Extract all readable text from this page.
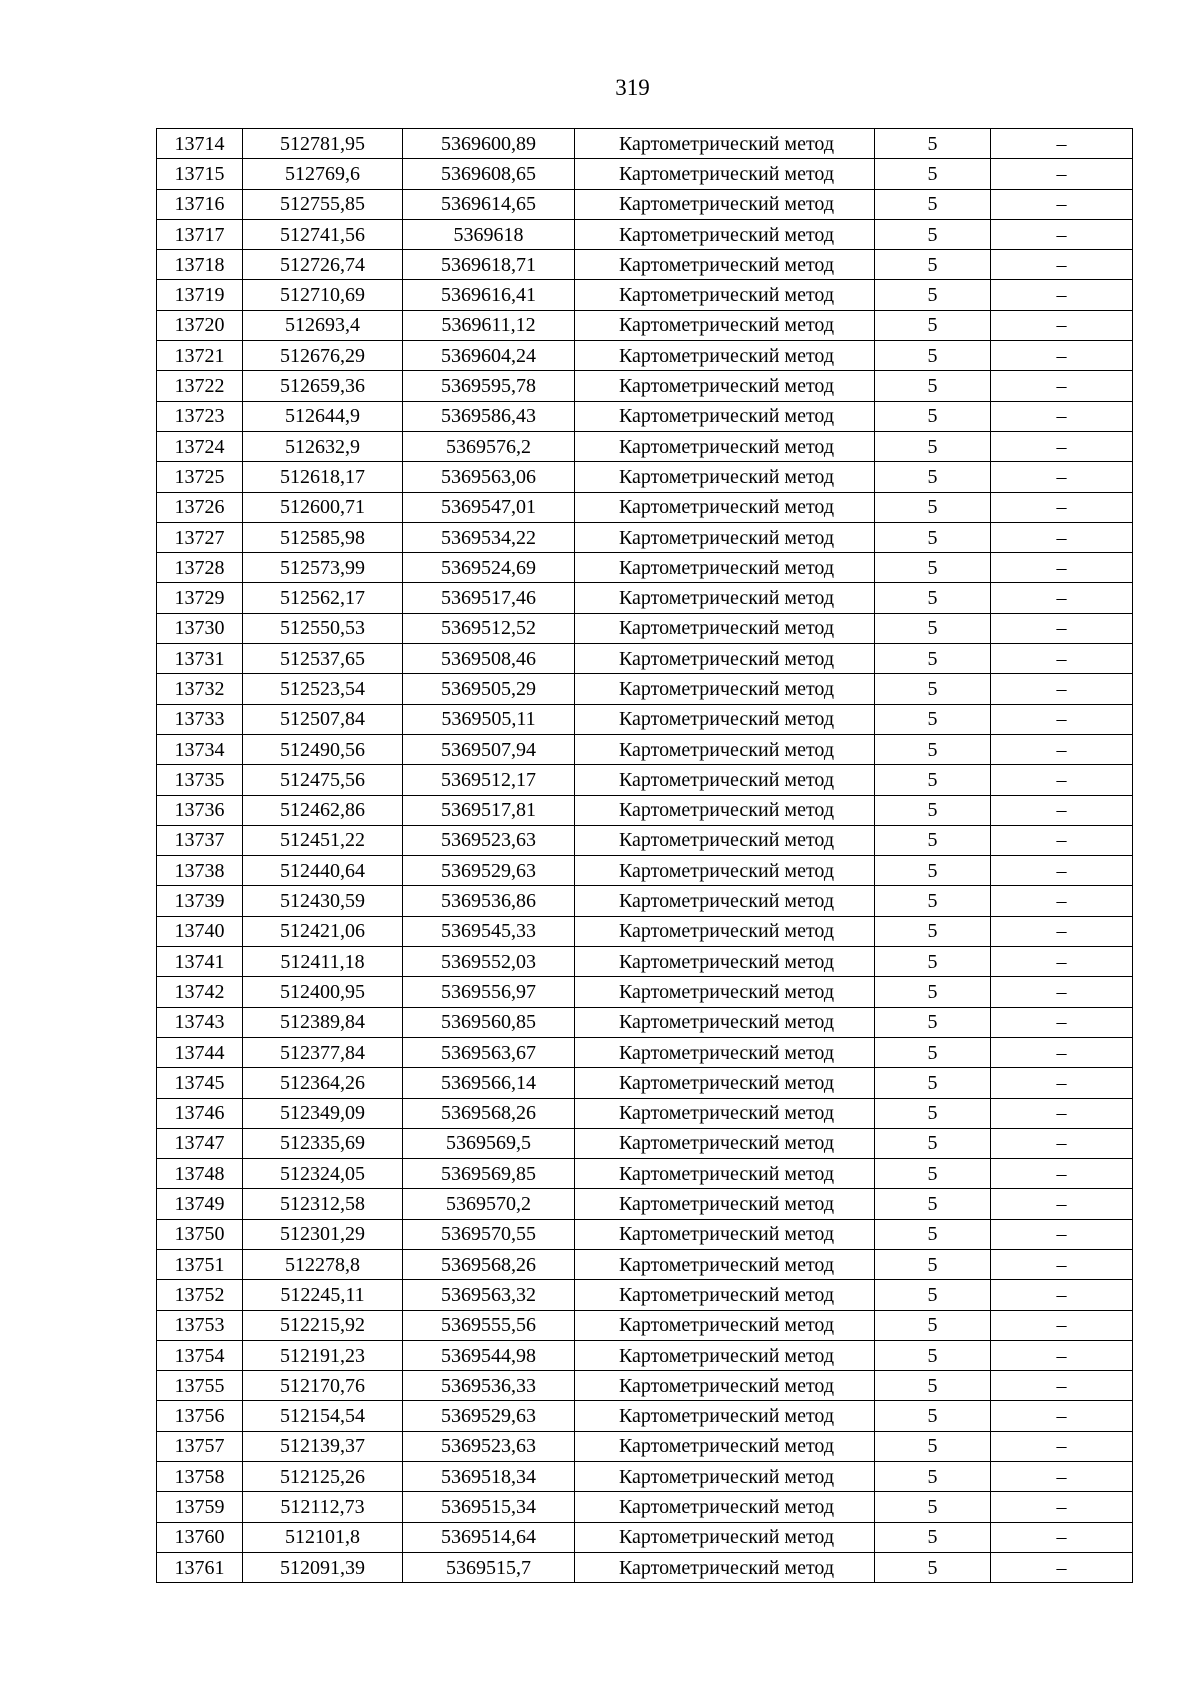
319
13714	512781,95	5369600,89	Картометрический метод	5	–
13715	512769,6	5369608,65	Картометрический метод	5	–
13716	512755,85	5369614,65	Картометрический метод	5	–
13717	512741,56	5369618	Картометрический метод	5	–
13718	512726,74	5369618,71	Картометрический метод	5	–
13719	512710,69	5369616,41	Картометрический метод	5	–
13720	512693,4	5369611,12	Картометрический метод	5	–
13721	512676,29	5369604,24	Картометрический метод	5	–
13722	512659,36	5369595,78	Картометрический метод	5	–
13723	512644,9	5369586,43	Картометрический метод	5	–
13724	512632,9	5369576,2	Картометрический метод	5	–
13725	512618,17	5369563,06	Картометрический метод	5	–
13726	512600,71	5369547,01	Картометрический метод	5	–
13727	512585,98	5369534,22	Картометрический метод	5	–
13728	512573,99	5369524,69	Картометрический метод	5	–
13729	512562,17	5369517,46	Картометрический метод	5	–
13730	512550,53	5369512,52	Картометрический метод	5	–
13731	512537,65	5369508,46	Картометрический метод	5	–
13732	512523,54	5369505,29	Картометрический метод	5	–
13733	512507,84	5369505,11	Картометрический метод	5	–
13734	512490,56	5369507,94	Картометрический метод	5	–
13735	512475,56	5369512,17	Картометрический метод	5	–
13736	512462,86	5369517,81	Картометрический метод	5	–
13737	512451,22	5369523,63	Картометрический метод	5	–
13738	512440,64	5369529,63	Картометрический метод	5	–
13739	512430,59	5369536,86	Картометрический метод	5	–
13740	512421,06	5369545,33	Картометрический метод	5	–
13741	512411,18	5369552,03	Картометрический метод	5	–
13742	512400,95	5369556,97	Картометрический метод	5	–
13743	512389,84	5369560,85	Картометрический метод	5	–
13744	512377,84	5369563,67	Картометрический метод	5	–
13745	512364,26	5369566,14	Картометрический метод	5	–
13746	512349,09	5369568,26	Картометрический метод	5	–
13747	512335,69	5369569,5	Картометрический метод	5	–
13748	512324,05	5369569,85	Картометрический метод	5	–
13749	512312,58	5369570,2	Картометрический метод	5	–
13750	512301,29	5369570,55	Картометрический метод	5	–
13751	512278,8	5369568,26	Картометрический метод	5	–
13752	512245,11	5369563,32	Картометрический метод	5	–
13753	512215,92	5369555,56	Картометрический метод	5	–
13754	512191,23	5369544,98	Картометрический метод	5	–
13755	512170,76	5369536,33	Картометрический метод	5	–
13756	512154,54	5369529,63	Картометрический метод	5	–
13757	512139,37	5369523,63	Картометрический метод	5	–
13758	512125,26	5369518,34	Картометрический метод	5	–
13759	512112,73	5369515,34	Картометрический метод	5	–
13760	512101,8	5369514,64	Картометрический метод	5	–
13761	512091,39	5369515,7	Картометрический метод	5	–
